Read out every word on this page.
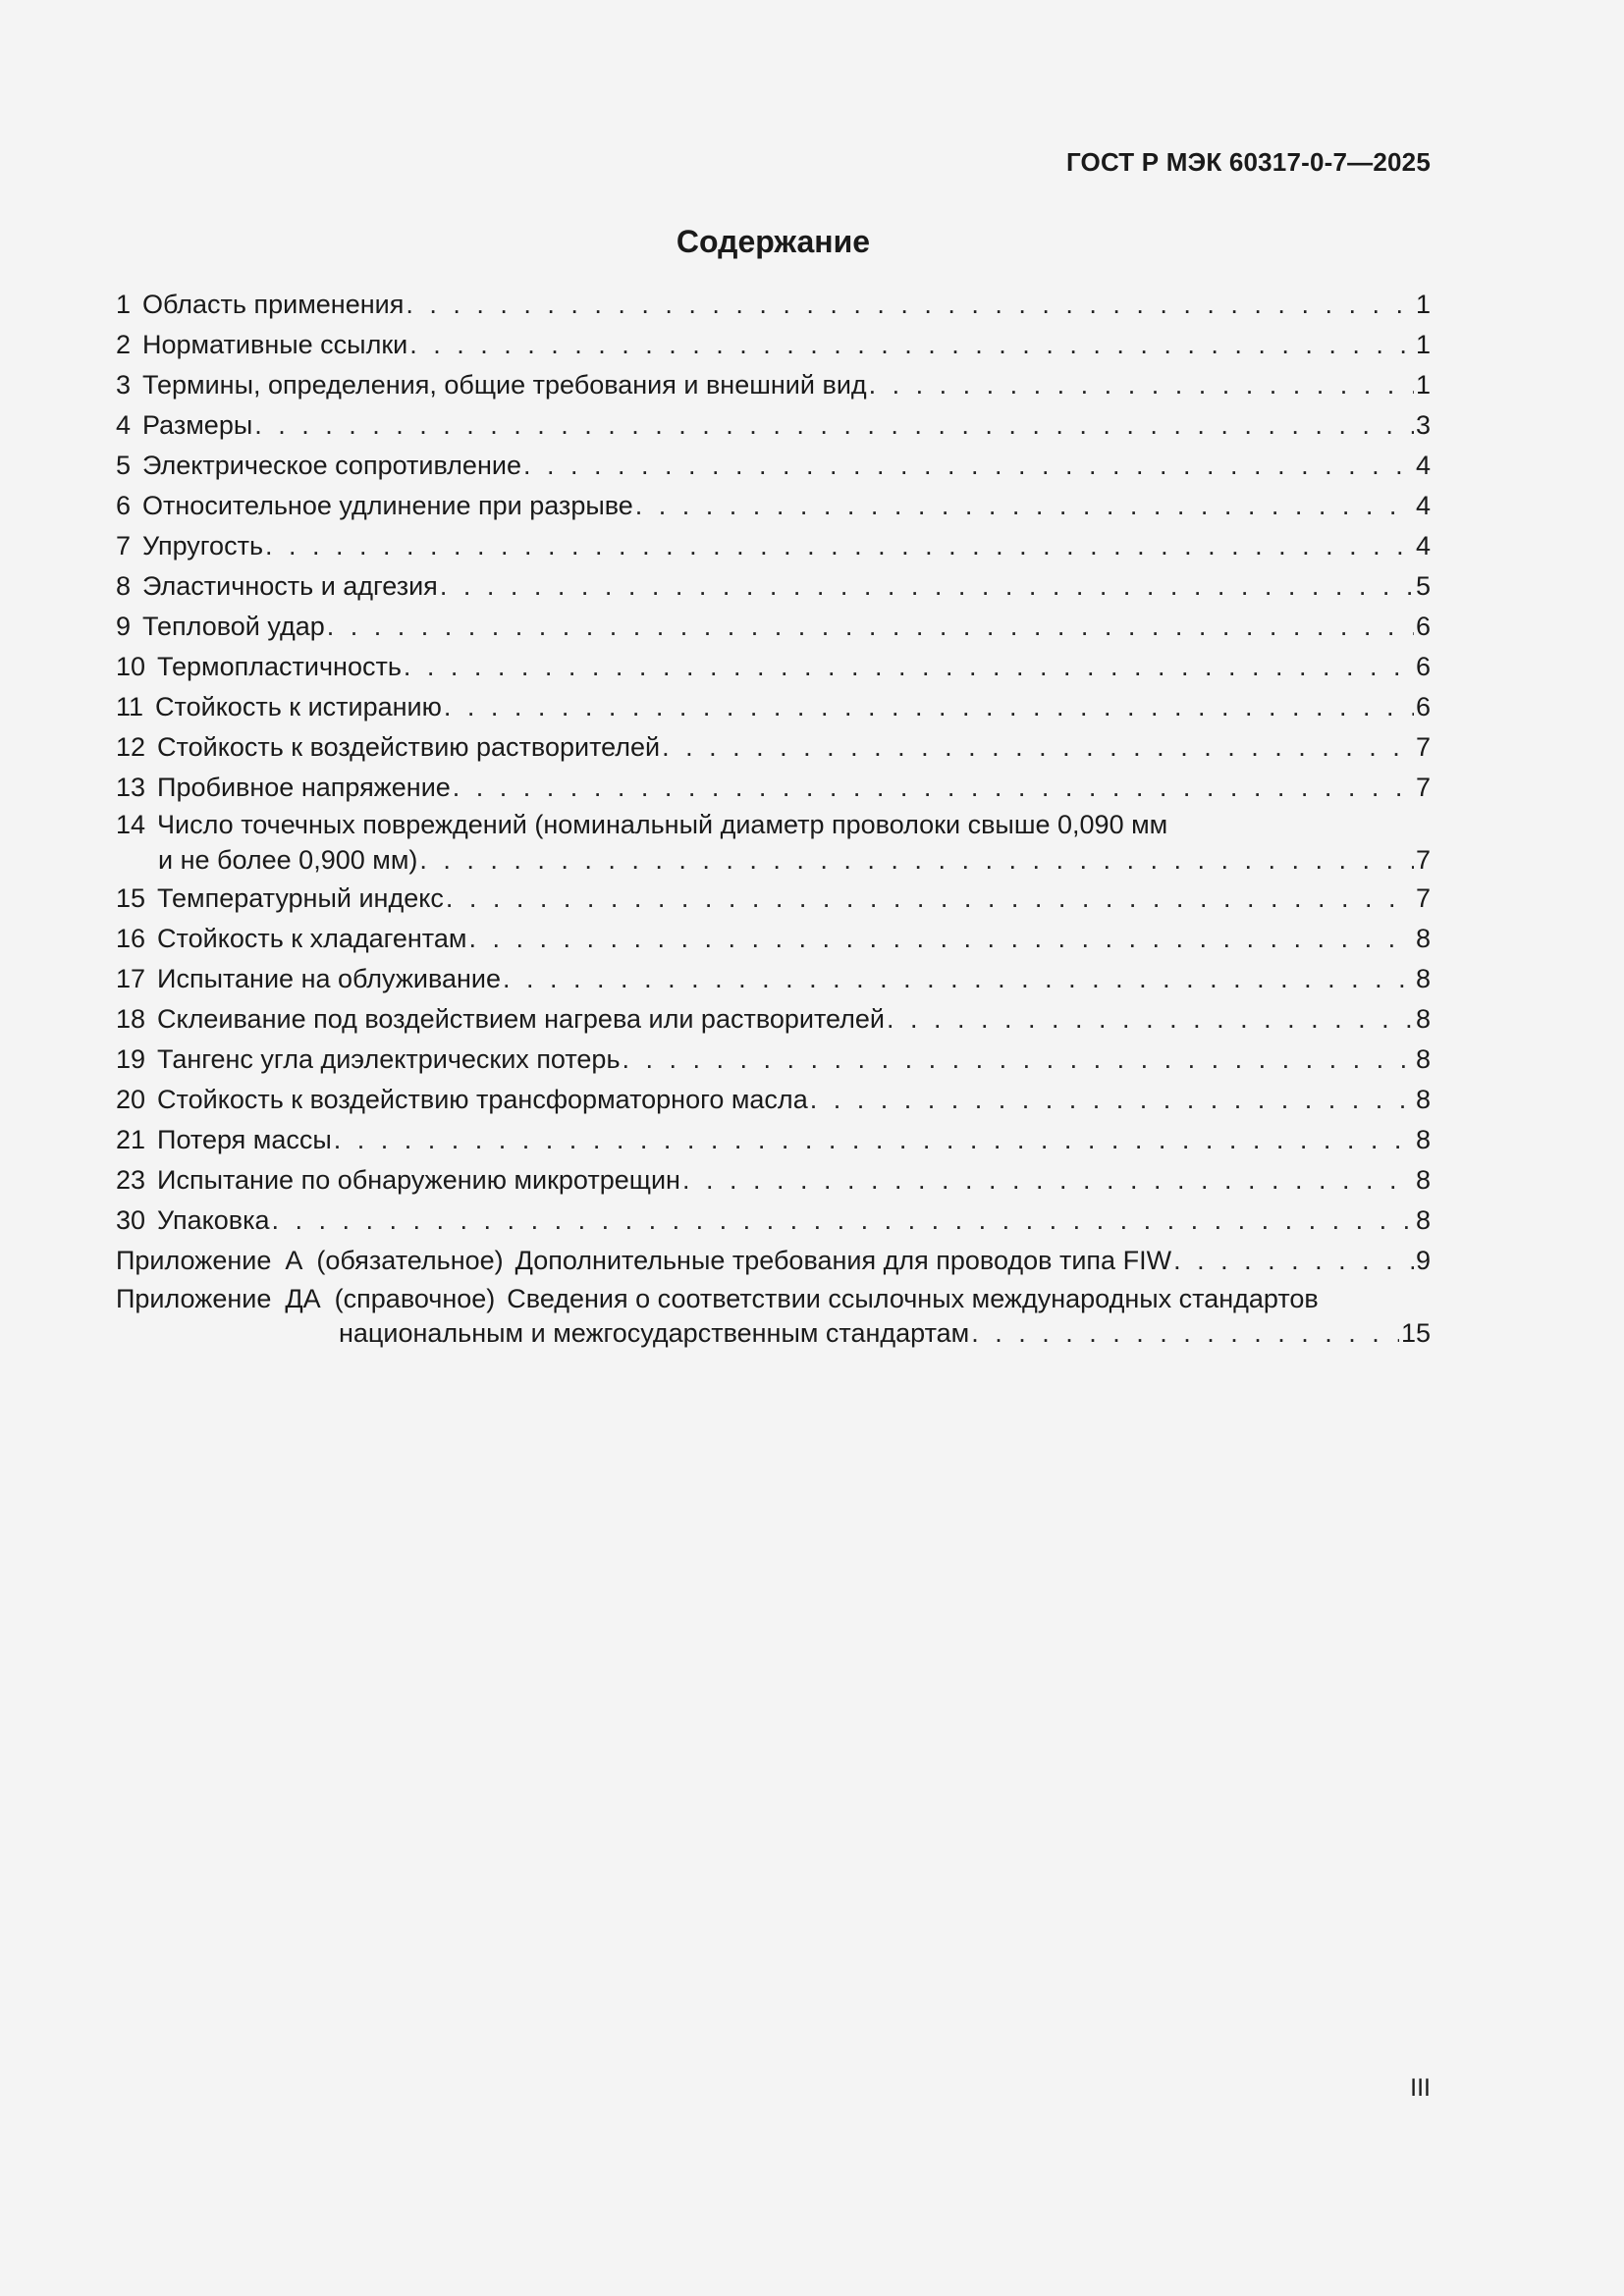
ГОСТ Р МЭК 60317-0-7—2025
Содержание
1 Область применения . . .	1
2 Нормативные ссылки . . .	1
3 Термины, определения, общие требования и внешний вид . . .	1
4 Размеры . . .	3
5 Электрическое сопротивление . . .	4
6 Относительное удлинение при разрыве . . .	4
7 Упругость . . .	4
8 Эластичность и адгезия . . .	5
9 Тепловой удар . . .	6
10 Термопластичность . . .	6
11 Стойкость к истиранию . . .	6
12 Стойкость к воздействию растворителей . . .	7
13 Пробивное напряжение . . .	7
14 Число точечных повреждений (номинальный диаметр проволоки свыше 0,090 мм
и не более 0,900 мм) . . .	7
15 Температурный индекс . . .	7
16 Стойкость к хладагентам . . .	8
17 Испытание на облуживание . . .	8
18 Склеивание под воздействием нагрева или растворителей . . .	8
19 Тангенс угла диэлектрических потерь . . .	8
20 Стойкость к воздействию трансформаторного масла . . .	8
21 Потеря массы . . .	8
23 Испытание по обнаружению микротрещин . . .	8
30 Упаковка . . .	8
Приложение А (обязательное) Дополнительные требования для проводов типа FIW . . .	9
Приложение ДА (справочное) Сведения о соответствии ссылочных международных стандартов
национальным и межгосударственным стандартам . . .	15
III
